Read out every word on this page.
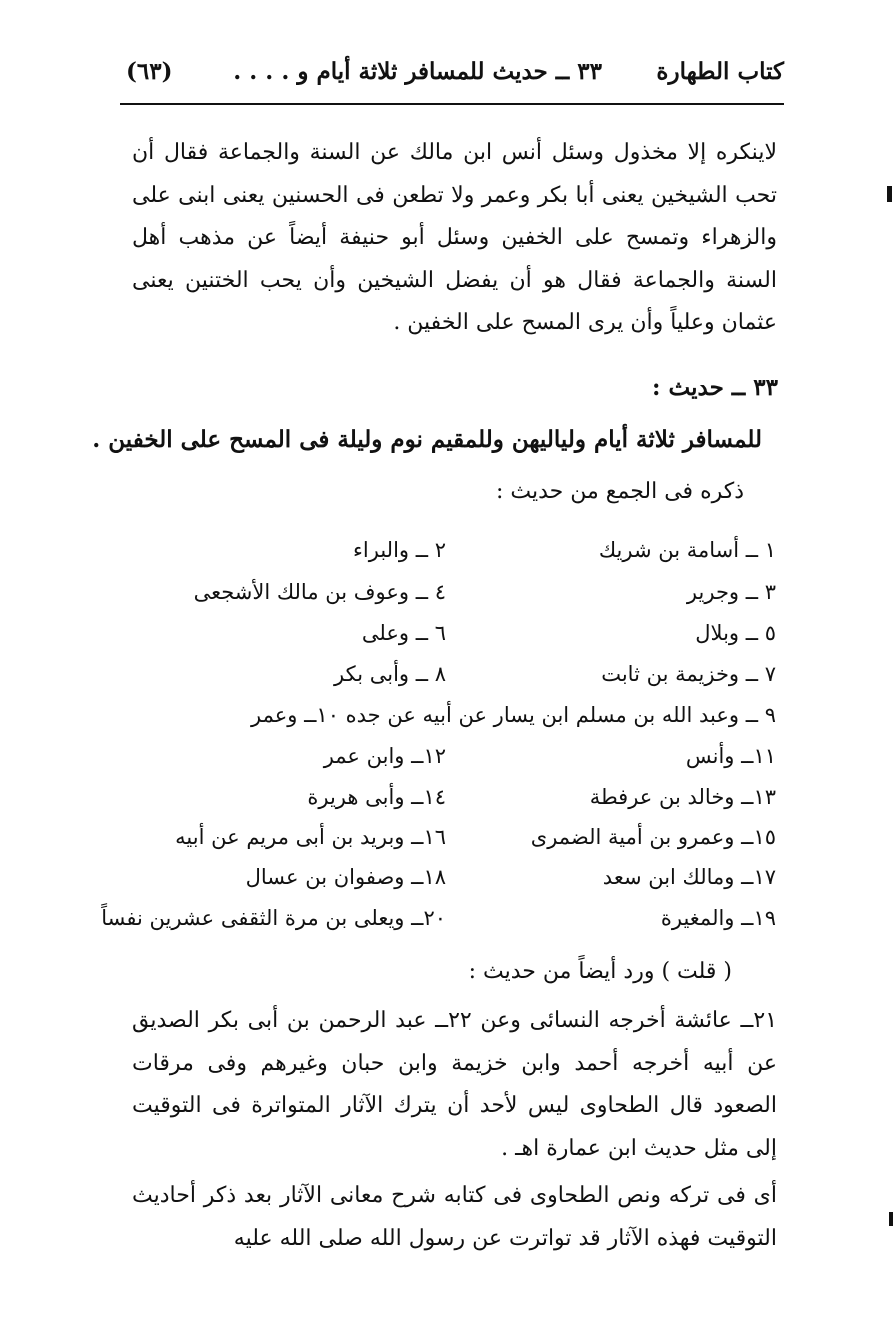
كتاب الطهارة
٣٣ ــ حديث للمسافر ثلاثة أيام و . . . .
(٦٣)
لاينكره إلا مخذول وسئل أنس ابن مالك عن السنة والجماعة فقال أن تحب الشيخين يعنى أبا بكر وعمر ولا تطعن فى الحسنين يعنى ابنى على والزهراء وتمسح على الخفين وسئل أبو حنيفة أيضاً عن مذهب أهل السنة والجماعة فقال هو أن يفضل الشيخين وأن يحب الختنين يعنى عثمان وعلياً وأن يرى المسح على الخفين .
٣٣ ــ حديث :
للمسافر ثلاثة أيام ولياليهن وللمقيم نوم وليلة فى المسح على الخفين .
ذكره فى الجمع من حديث :
١ ــ أسامة بن شريك
٢ ــ والبراء
٣ ــ وجرير
٤ ــ وعوف بن مالك الأشجعى
٥ ــ وبلال
٦ ــ وعلى
٧ ــ وخزيمة بن ثابت
٨ ــ وأبى بكر
٩ ــ وعبد الله بن مسلم ابن يسار عن أبيه عن جده ١٠ــ وعمر
١١ــ وأنس
١٢ــ وابن عمر
١٣ــ وخالد بن عرفطة
١٤ــ وأبى هريرة
١٥ــ وعمرو بن أمية الضمرى
١٦ــ وبريد بن أبى مريم عن أبيه
١٧ــ ومالك ابن سعد
١٨ــ وصفوان بن عسال
١٩ــ والمغيرة
٢٠ــ ويعلى بن مرة الثقفى عشرين نفساً
( قلت ) ورد أيضاً من حديث :
٢١ــ عائشة أخرجه النسائى وعن ٢٢ــ عبد الرحمن بن أبى بكر الصديق عن أبيه أخرجه أحمد وابن خزيمة وابن حبان وغيرهم وفى مرقات الصعود قال الطحاوى ليس لأحد أن يترك الآثار المتواترة فى التوقيت إلى مثل حديث ابن عمارة اهـ .
أى فى تركه ونص الطحاوى فى كتابه شرح معانى الآثار بعد ذكر أحاديث التوقيت فهذه الآثار قد تواترت عن رسول الله صلى الله عليه
